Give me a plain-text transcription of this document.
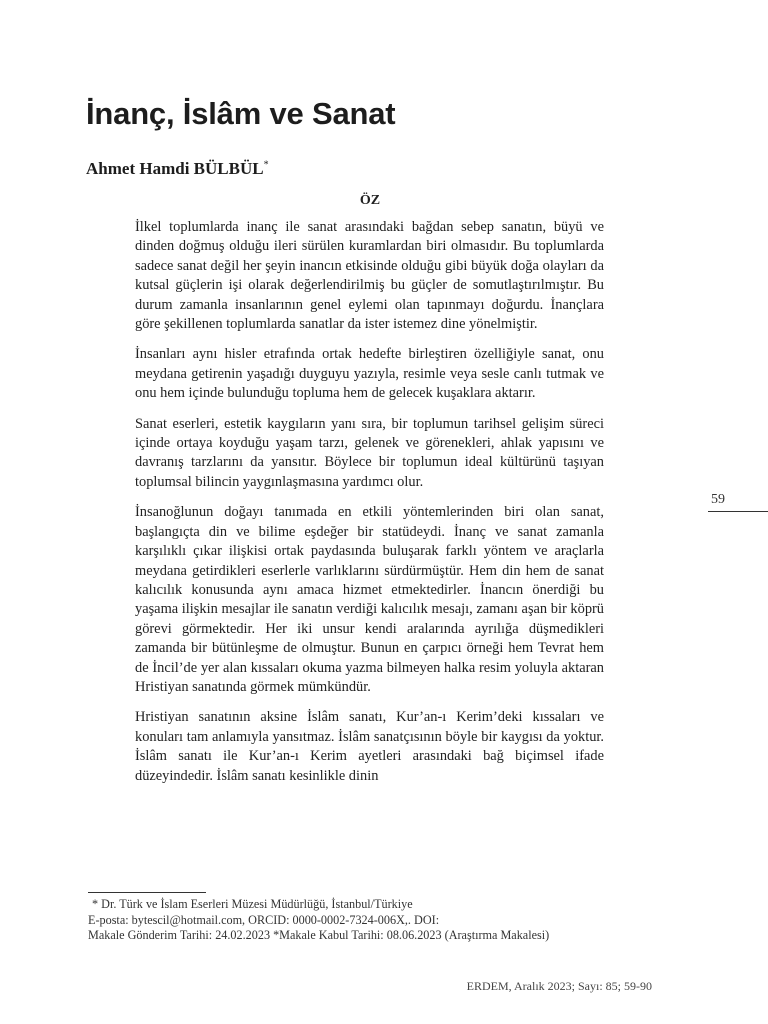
İnanç, İslâm ve Sanat
Ahmet Hamdi BÜLBÜL*
ÖZ

İlkel toplumlarda inanç ile sanat arasındaki bağdan sebep sanatın, büyü ve dinden doğmuş olduğu ileri sürülen kuramlardan biri olmasıdır. Bu toplumlarda sadece sanat değil her şeyin inancın etkisinde olduğu gibi büyük doğa olayları da kutsal güçlerin işi olarak değerlendirilmiş bu güçler de somutlaştırılmıştır. Bu durum zamanla insanlarının genel eylemi olan tapınmayı doğurdu. İnançlara göre şekillenen toplumlarda sanatlar da ister istemez dine yönelmiştir.

İnsanları aynı hisler etrafında ortak hedefte birleştiren özelliğiyle sanat, onu meydana getirenin yaşadığı duyguyu yazıyla, resimle veya sesle canlı tutmak ve onu hem içinde bulunduğu topluma hem de gelecek kuşaklara aktarır.

Sanat eserleri, estetik kaygıların yanı sıra, bir toplumun tarihsel gelişim süreci içinde ortaya koyduğu yaşam tarzı, gelenek ve görenekleri, ahlak yapısını ve davranış tarzlarını da yansıtır. Böylece bir toplumun ideal kültürünü taşıyan toplumsal bilincin yaygınlaşmasına yardımcı olur.

İnsanoğlunun doğayı tanımada en etkili yöntemlerinden biri olan sanat, başlangıçta din ve bilime eşdeğer bir statüdeydi. İnanç ve sanat zamanla karşılıklı çıkar ilişkisi ortak paydasında buluşarak farklı yöntem ve araçlarla meydana getirdikleri eserlerle varlıklarını sürdürmüştür. Hem din hem de sanat kalıcılık konusunda aynı amaca hizmet etmektedirler. İnancın önerdiği bu yaşama ilişkin mesajlar ile sanatın verdiği kalıcılık mesajı, zamanı aşan bir köprü görevi görmektedir. Her iki unsur kendi aralarında ayrılığa düşmedikleri zamanda bir bütünleşme de olmuştur. Bunun en çarpıcı örneği hem Tevrat hem de İncil’de yer alan kıssaları okuma yazma bilmeyen halka resim yoluyla aktaran Hristiyan sanatında görmek mümkündür.

Hristiyan sanatının aksine İslâm sanatı, Kur’an-ı Kerim’deki kıssaları ve konuları tam anlamıyla yansıtmaz. İslâm sanatçısının böyle bir kaygısı da yoktur. İslâm sanatı ile Kur’an-ı Kerim ayetleri arasındaki bağ biçimsel ifade düzeyindedir. İslâm sanatı kesinlikle dinin

59
* Dr. Türk ve İslam Eserleri Müzesi Müdürlüğü, İstanbul/Türkiye
E-posta: bytescil@hotmail.com, ORCID: 0000-0002-7324-006X,. DOI:
Makale Gönderim Tarihi: 24.02.2023 *Makale Kabul Tarihi: 08.06.2023 (Araştırma Makalesi)
ERDEM, Aralık 2023; Sayı: 85; 59-90
